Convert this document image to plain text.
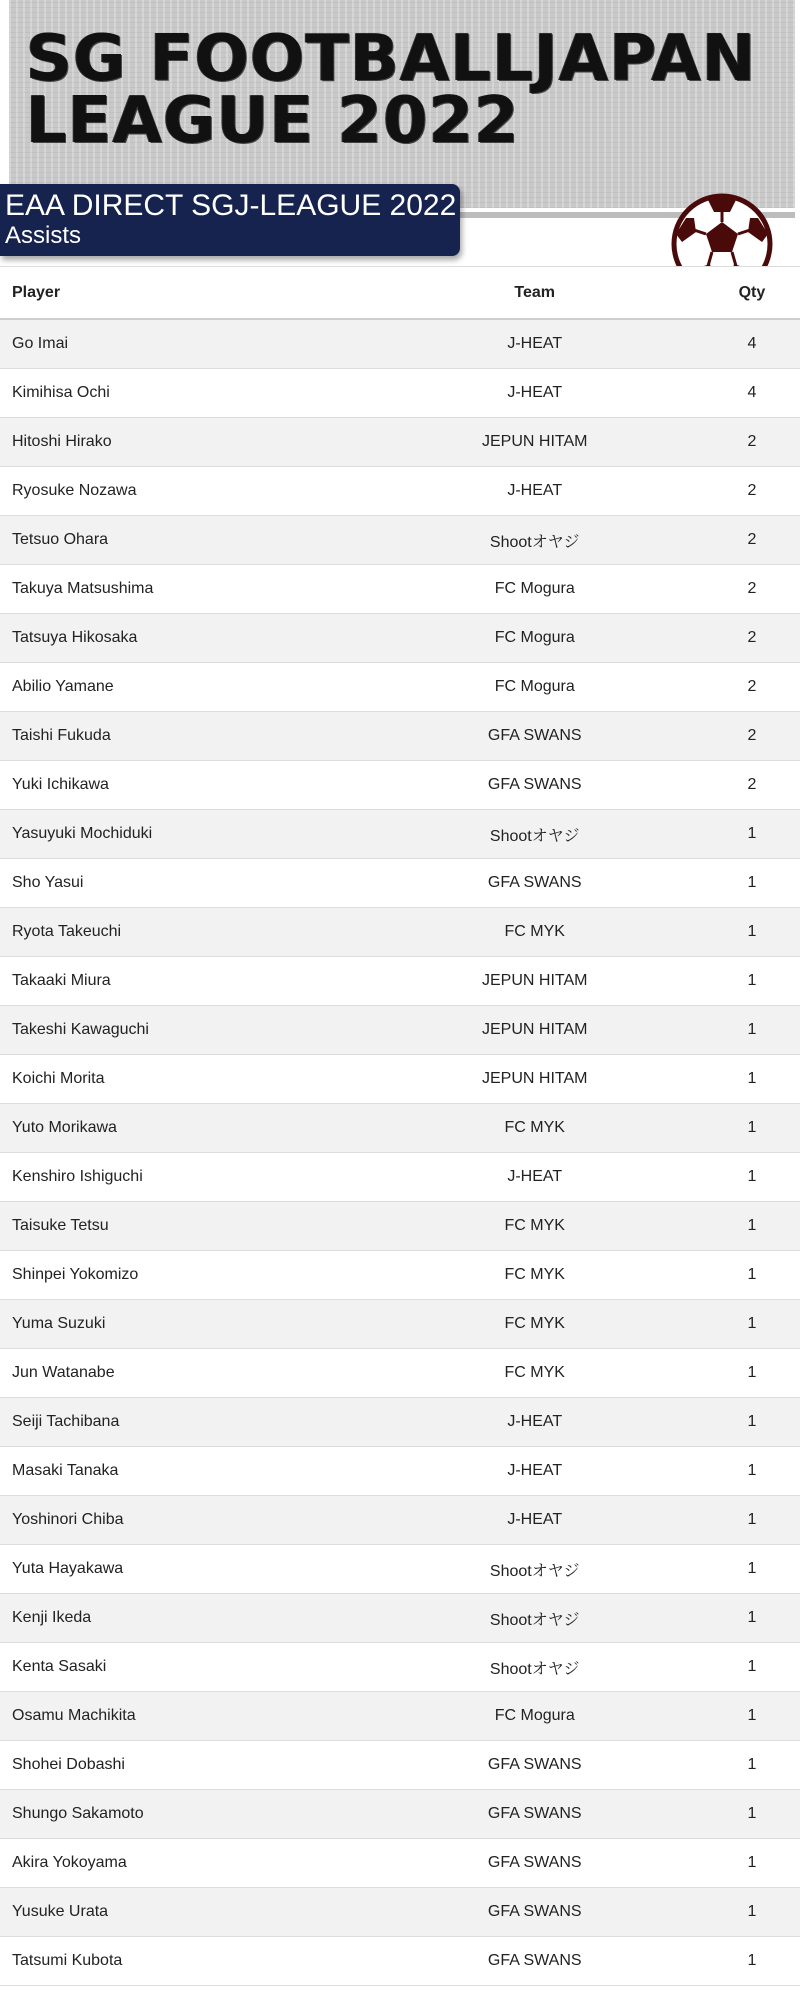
SG FOOTBALLJAPAN
LEAGUE 2022
EAA DIRECT SGJ-LEAGUE 2022
Assists
Player	Team	Qty
Go Imai	J-HEAT	4
Kimihisa Ochi	J-HEAT	4
Hitoshi Hirako	JEPUN HITAM	2
Ryosuke Nozawa	J-HEAT	2
Tetsuo Ohara	Shootオヤジ	2
Takuya Matsushima	FC Mogura	2
Tatsuya Hikosaka	FC Mogura	2
Abilio Yamane	FC Mogura	2
Taishi Fukuda	GFA SWANS	2
Yuki Ichikawa	GFA SWANS	2
Yasuyuki Mochiduki	Shootオヤジ	1
Sho Yasui	GFA SWANS	1
Ryota Takeuchi	FC MYK	1
Takaaki Miura	JEPUN HITAM	1
Takeshi Kawaguchi	JEPUN HITAM	1
Koichi Morita	JEPUN HITAM	1
Yuto Morikawa	FC MYK	1
Kenshiro Ishiguchi	J-HEAT	1
Taisuke Tetsu	FC MYK	1
Shinpei Yokomizo	FC MYK	1
Yuma Suzuki	FC MYK	1
Jun Watanabe	FC MYK	1
Seiji Tachibana	J-HEAT	1
Masaki Tanaka	J-HEAT	1
Yoshinori Chiba	J-HEAT	1
Yuta Hayakawa	Shootオヤジ	1
Kenji Ikeda	Shootオヤジ	1
Kenta Sasaki	Shootオヤジ	1
Osamu Machikita	FC Mogura	1
Shohei Dobashi	GFA SWANS	1
Shungo Sakamoto	GFA SWANS	1
Akira Yokoyama	GFA SWANS	1
Yusuke Urata	GFA SWANS	1
Tatsumi Kubota	GFA SWANS	1
